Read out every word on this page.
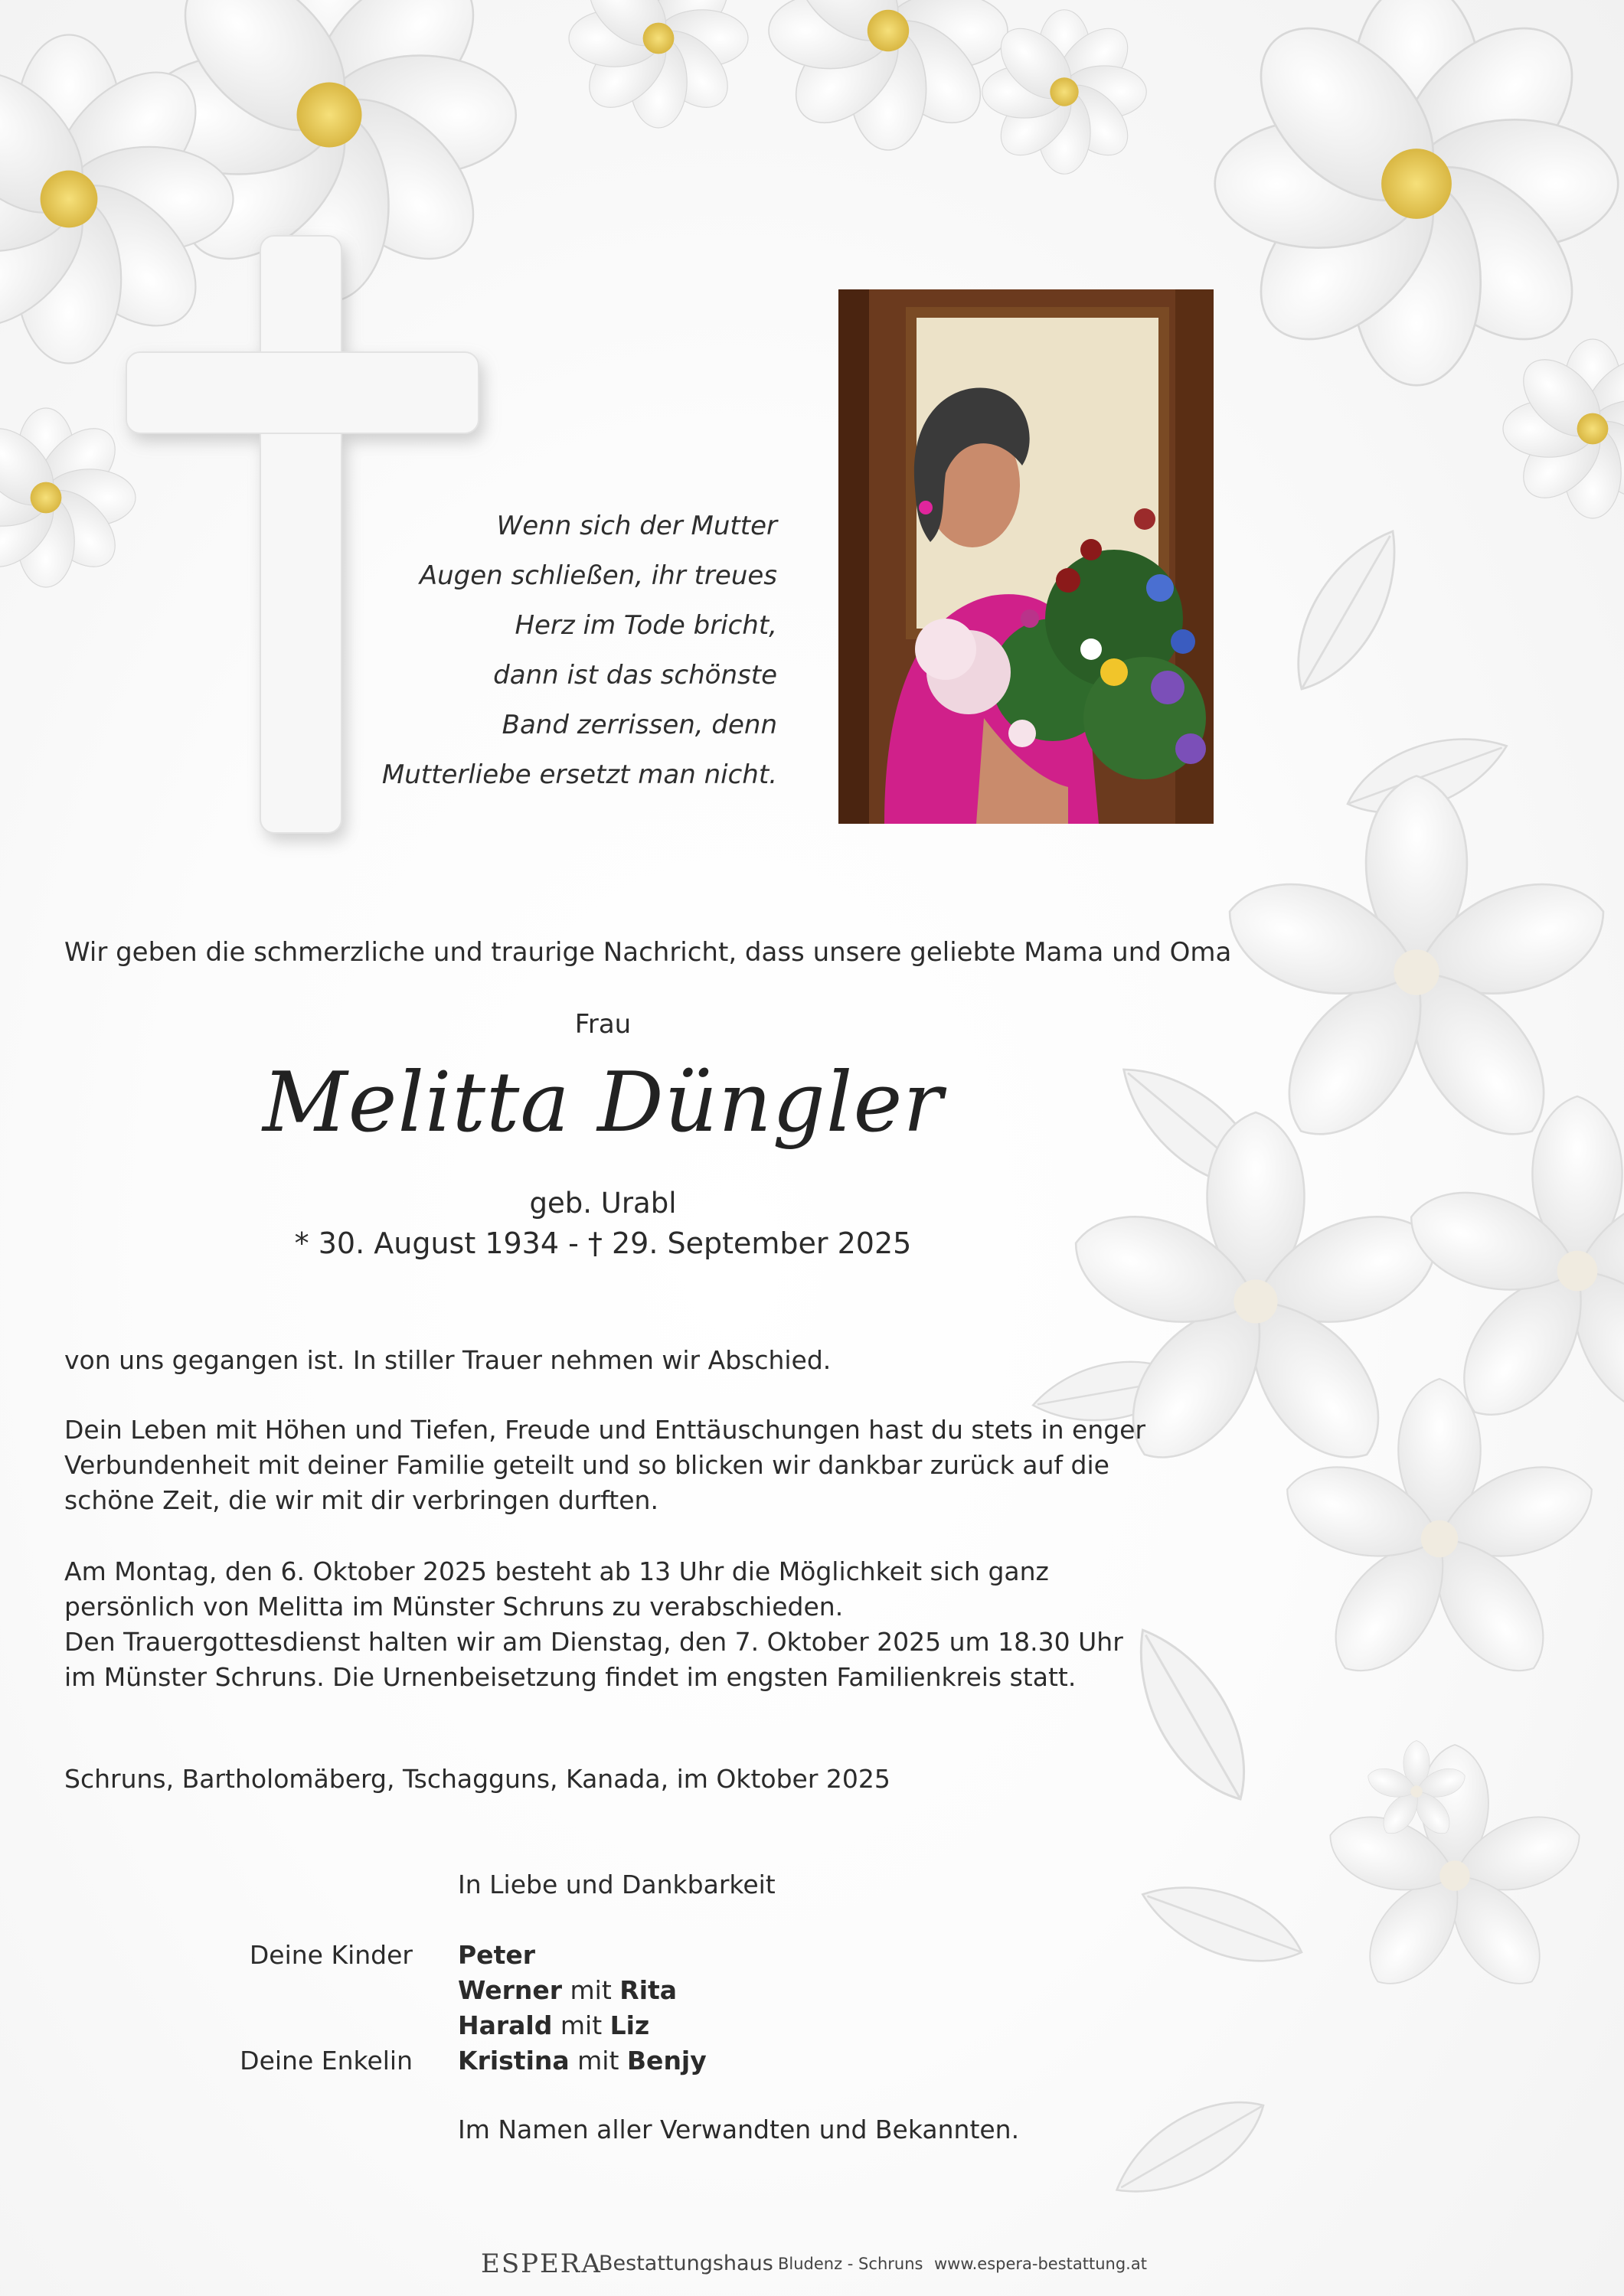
Wenn sich der Mutter
Augen schließen, ihr treues
Herz im Tode bricht,
dann ist das schönste
Band zerrissen, denn
Mutterliebe ersetzt man nicht.
Wir geben die schmerzliche und traurige Nachricht, dass unsere geliebte Mama und Oma
Frau
Melitta Düngler
geb. Urabl
* 30. August 1934 - † 29. September 2025
von uns gegangen ist. In stiller Trauer nehmen wir Abschied.
Dein Leben mit Höhen und Tiefen, Freude und Enttäuschungen hast du stets in enger
Verbundenheit mit deiner Familie geteilt und so blicken wir dankbar zurück auf die
schöne Zeit, die wir mit dir verbringen durften.
Am Montag, den 6. Oktober 2025 besteht ab 13 Uhr die Möglichkeit sich ganz
persönlich von Melitta im Münster Schruns zu verabschieden.
Den Trauergottesdienst halten wir am Dienstag, den 7. Oktober 2025 um 18.30 Uhr
im Münster Schruns. Die Urnenbeisetzung findet im engsten Familienkreis statt.
Schruns, Bartholomäberg, Tschagguns, Kanada, im Oktober 2025
In Liebe und Dankbarkeit
Deine Kinder Peter
Werner mit Rita
Harald mit Liz
Deine Enkelin Kristina mit Benjy
Im Namen aller Verwandten und Bekannten.
ESPERA
Bestattungshaus Bludenz - Schruns www.espera-bestattung.at
